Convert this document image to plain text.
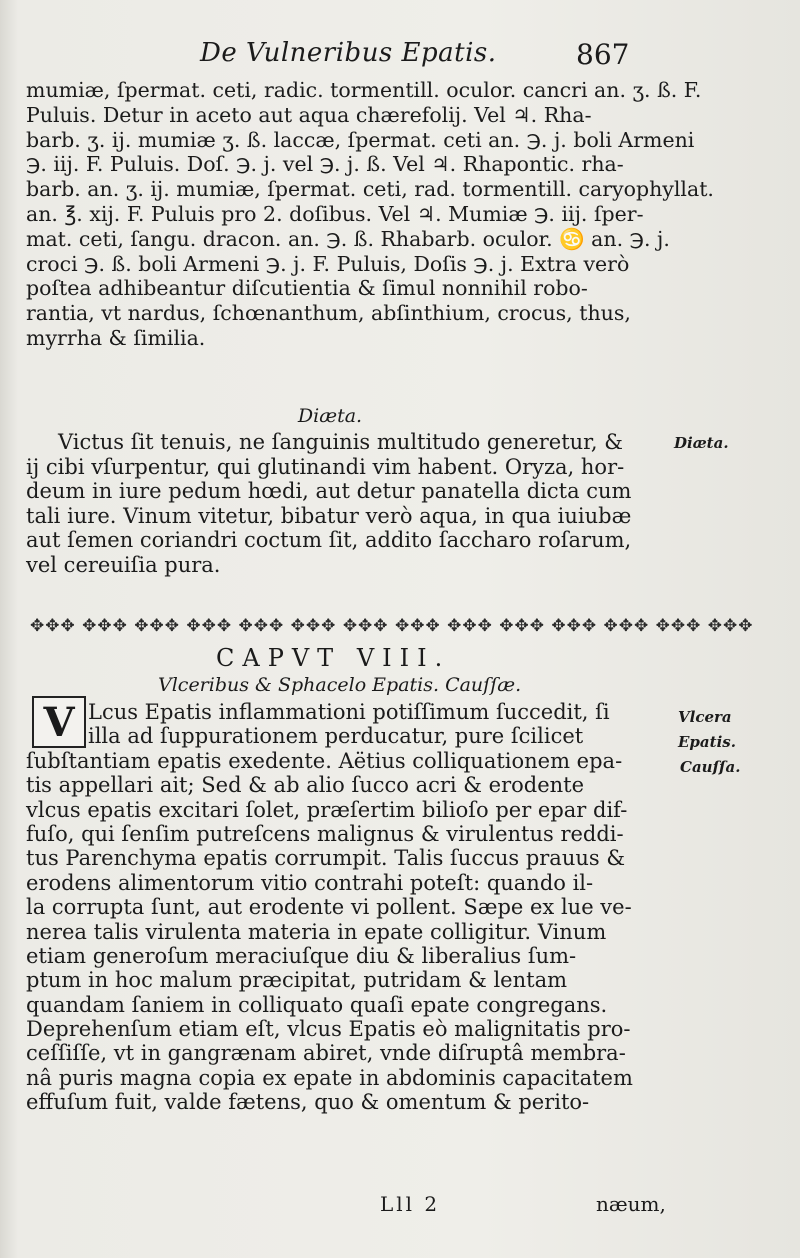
De Vulneribus Epatis.	867
mumiæ, ſpermat. ceti, radic. tormentill. oculor. cancri an. ʒ. ß. F.
Puluis. Detur in aceto aut aqua chærefolij. Vel ♃. Rha-
barb. ʒ. ij. mumiæ ʒ. ß. laccæ, ſpermat. ceti an. ℈. j. boli Armeni
℈. iij. F. Puluis. Doſ. ℈. j. vel ℈. j. ß. Vel ♃. Rhapontic. rha-
barb. an. ʒ. ij. mumiæ, ſpermat. ceti, rad. tormentill. caryophyllat.
an. ℥. xij. F. Puluis pro 2. doſibus. Vel ♃. Mumiæ ℈. iij. ſper-
mat. ceti, ſangu. dracon. an. ℈. ß. Rhabarb. oculor. ♋ an. ℈. j.
croci ℈. ß. boli Armeni ℈. j. F. Puluis, Doſis ℈. j. Extra verò
poſtea adhibeantur diſcutientia & ſimul nonnihil robo-
rantia, vt nardus, ſchœnanthum, abſinthium, crocus, thus,
myrrha & ſimilia.
Diæta.
Victus ſit tenuis, ne ſanguinis multitudo generetur, &
ij cibi vſurpentur, qui glutinandi vim habent. Oryza, hor-
deum in iure pedum hœdi, aut detur panatella dicta cum
tali iure. Vinum vitetur, bibatur verò aqua, in qua iuiubæ
aut ſemen coriandri coctum ſit, addito ſaccharo roſarum,
vel cereuiſia pura.
Diæta.
✥✥✥ ✥✥✥ ✥✥✥ ✥✥✥ ✥✥✥ ✥✥✥ ✥✥✥ ✥✥✥ ✥✥✥ ✥✥✥ ✥✥✥ ✥✥✥ ✥✥✥ ✥✥✥
CAPVT VIII.
Vlceribus & Sphacelo Epatis. Cauſſæ.
V Lcus Epatis inflammationi potiſſimum ſuccedit, ſi
illa ad ſuppurationem perducatur, pure ſcilicet
ſubſtantiam epatis exedente. Aëtius colliquationem epa-
tis appellari ait; Sed & ab alio ſucco acri & erodente
vlcus epatis excitari ſolet, præſertim bilioſo per epar dif-
fuſo, qui ſenſim putreſcens malignus & virulentus reddi-
tus Parenchyma epatis corrumpit. Talis ſuccus prauus &
erodens alimentorum vitio contrahi poteſt: quando il-
la corrupta ſunt, aut erodente vi pollent. Sæpe ex lue ve-
nerea talis virulenta materia in epate colligitur. Vinum
etiam generoſum meraciuſque diu & liberalius ſum-
ptum in hoc malum præcipitat, putridam & lentam
quandam ſaniem in colliquato quaſi epate congregans.
Deprehenſum etiam eſt, vlcus Epatis eò malignitatis pro-
ceſſiſſe, vt in gangrænam abiret, vnde diſruptâ membra-
nâ puris magna copia ex epate in abdominis capacitatem
effuſum fuit, valde fætens, quo & omentum & perito-
Vlcera
Epatis.
Cauſſa.
Lll 2	næum,
